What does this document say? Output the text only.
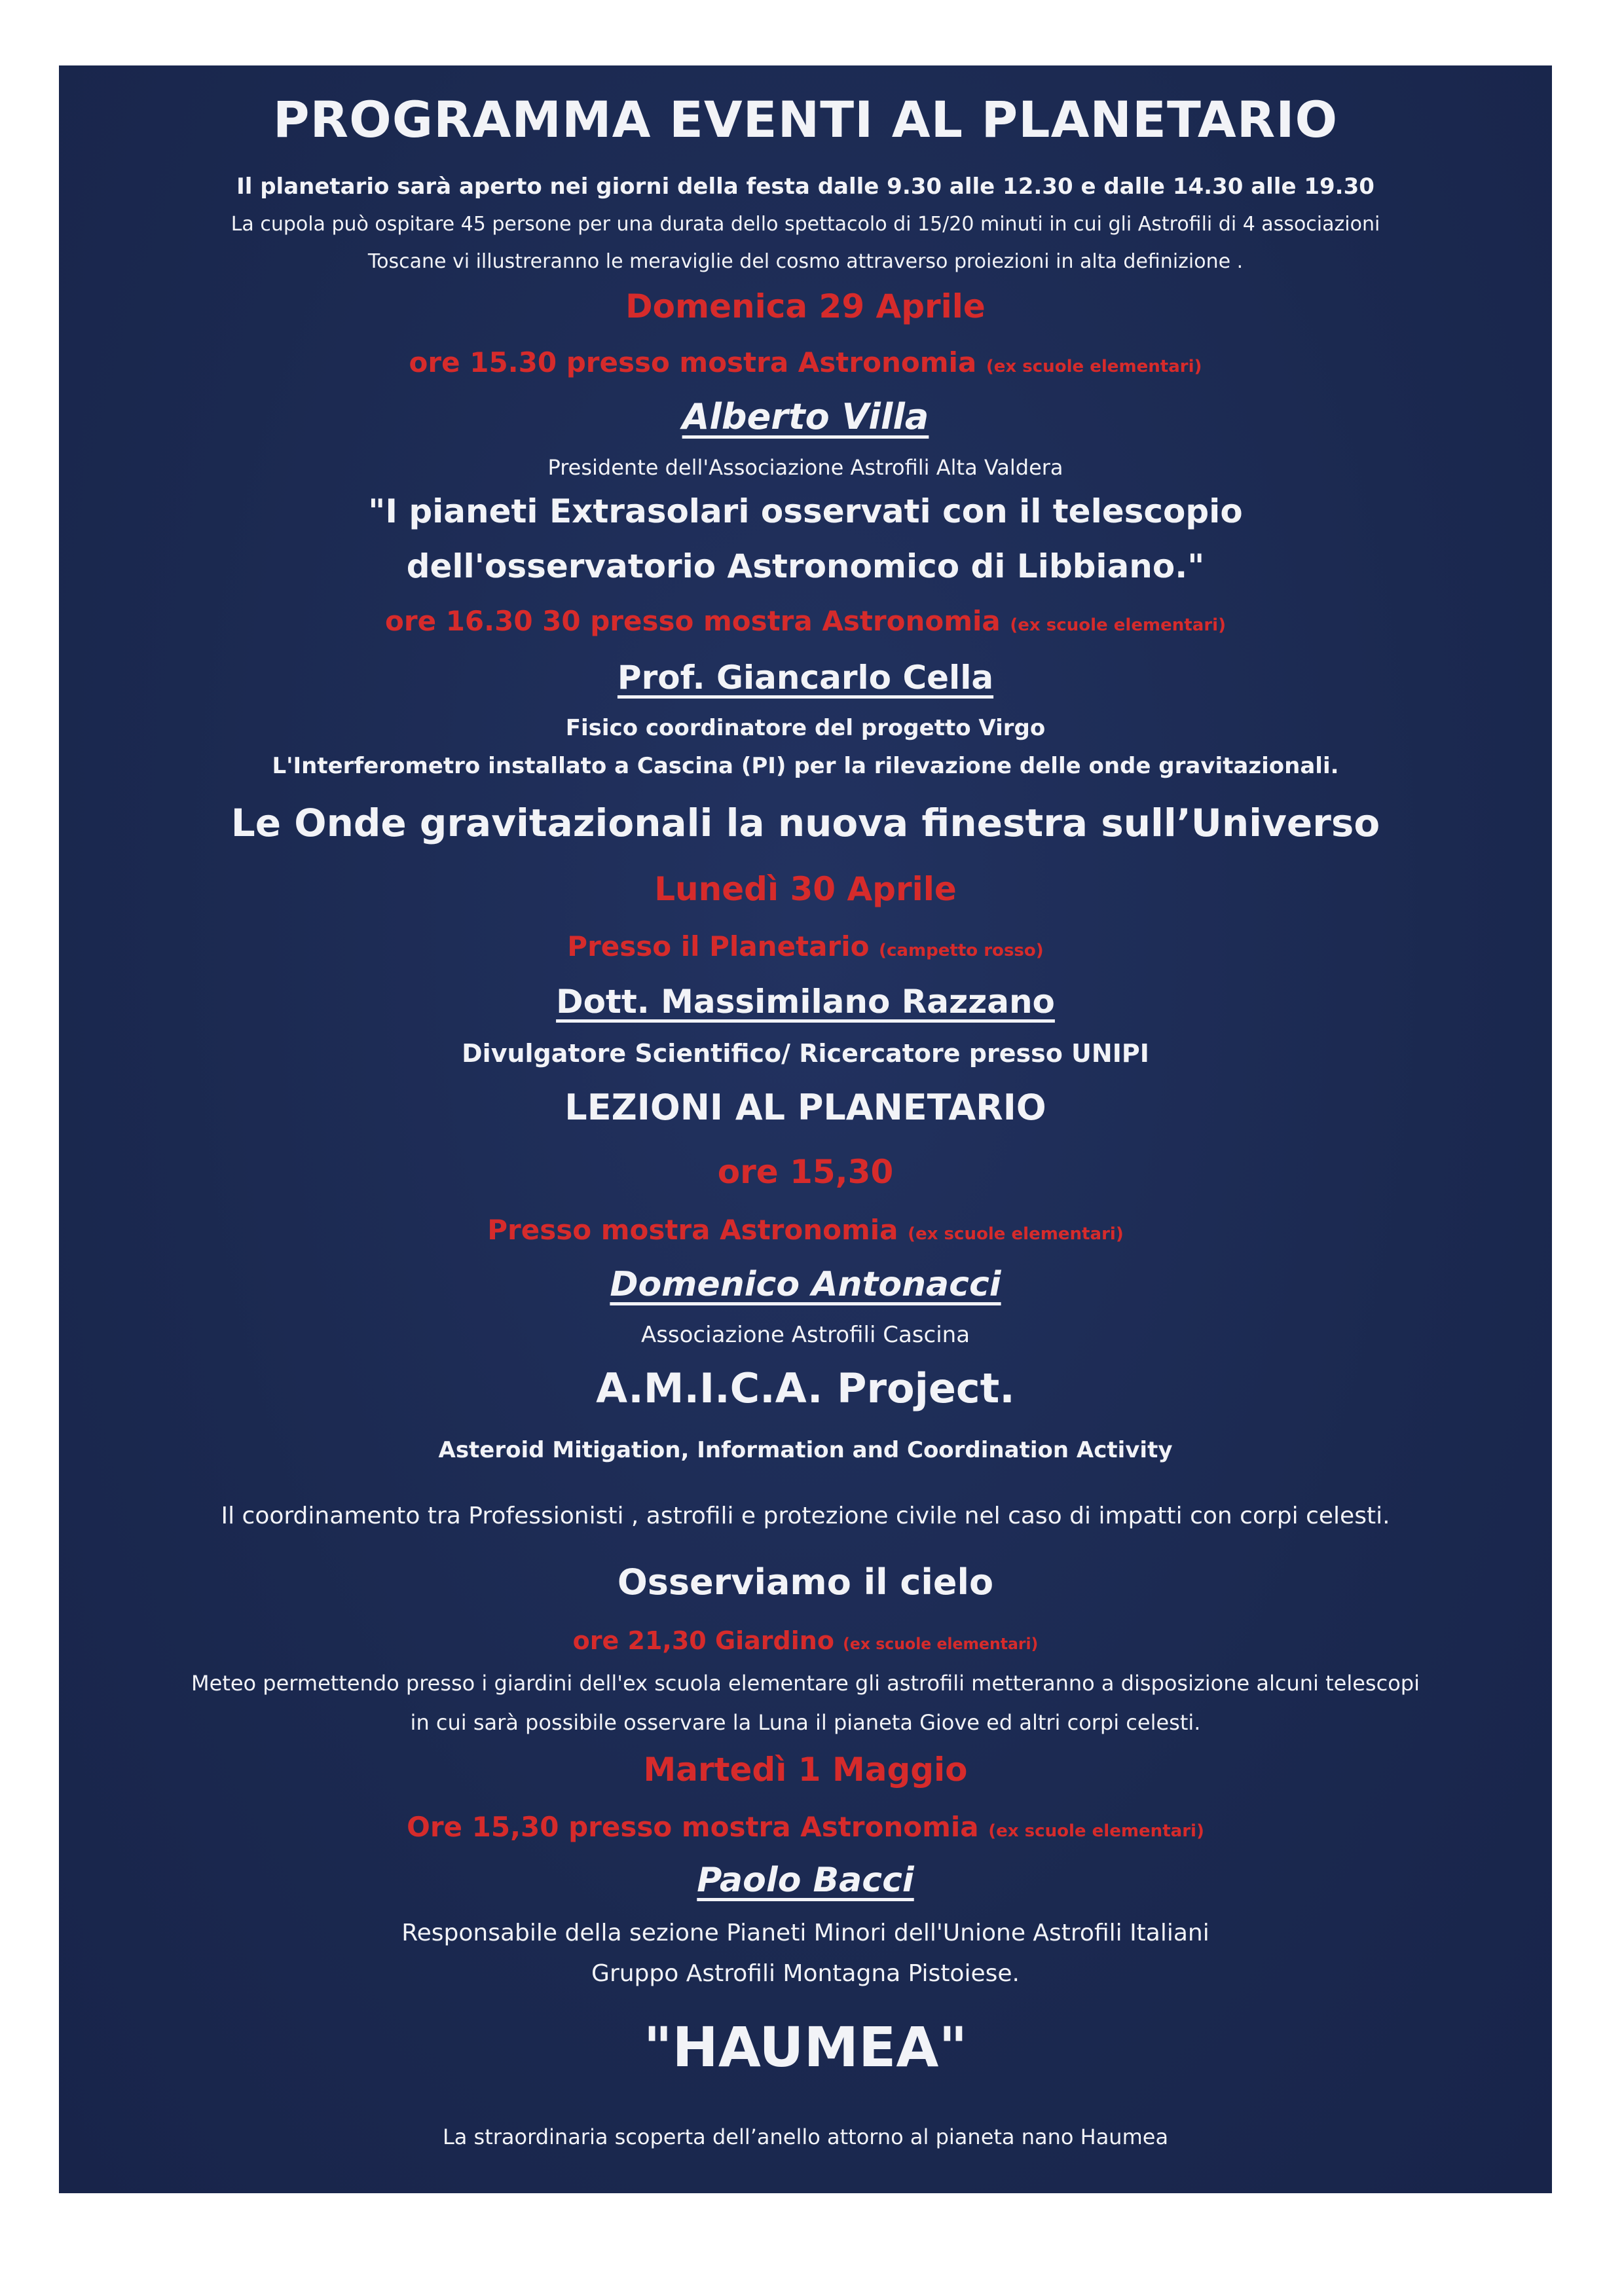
PROGRAMMA EVENTI AL PLANETARIO
Il planetario sarà aperto nei giorni della festa dalle 9.30 alle 12.30 e dalle 14.30 alle 19.30
La cupola può ospitare 45 persone per una durata dello spettacolo di 15/20 minuti in cui gli Astrofili di 4 associazioni
Toscane vi illustreranno le meraviglie del cosmo attraverso proiezioni in alta definizione .
Domenica 29 Aprile
ore 15.30 presso mostra Astronomia (ex scuole elementari)
Alberto Villa
Presidente dell'Associazione Astrofili Alta Valdera
"I pianeti Extrasolari osservati con il telescopio
dell'osservatorio Astronomico di Libbiano."
ore 16.30 30 presso mostra Astronomia (ex scuole elementari)
Prof. Giancarlo Cella
Fisico coordinatore del progetto Virgo
L'Interferometro installato a Cascina (PI) per la rilevazione delle onde gravitazionali.
Le Onde gravitazionali la nuova finestra sull’Universo
Lunedì 30 Aprile
Presso il Planetario (campetto rosso)
Dott. Massimilano Razzano
Divulgatore Scientifico/ Ricercatore presso UNIPI
LEZIONI AL PLANETARIO
ore 15,30
Presso mostra Astronomia (ex scuole elementari)
Domenico Antonacci
Associazione Astrofili Cascina
A.M.I.C.A. Project.
Asteroid Mitigation, Information and Coordination Activity
Il coordinamento tra Professionisti , astrofili e protezione civile nel caso di impatti con corpi celesti.
Osserviamo il cielo
ore 21,30 Giardino (ex scuole elementari)
Meteo permettendo presso i giardini dell'ex scuola elementare gli astrofili metteranno a disposizione alcuni telescopi
in cui sarà possibile osservare la Luna il pianeta Giove ed altri corpi celesti.
Martedì 1 Maggio
Ore 15,30 presso mostra Astronomia (ex scuole elementari)
Paolo Bacci
Responsabile della sezione Pianeti Minori dell'Unione Astrofili Italiani
Gruppo Astrofili Montagna Pistoiese.
"HAUMEA"
La straordinaria scoperta dell’anello attorno al pianeta nano Haumea
